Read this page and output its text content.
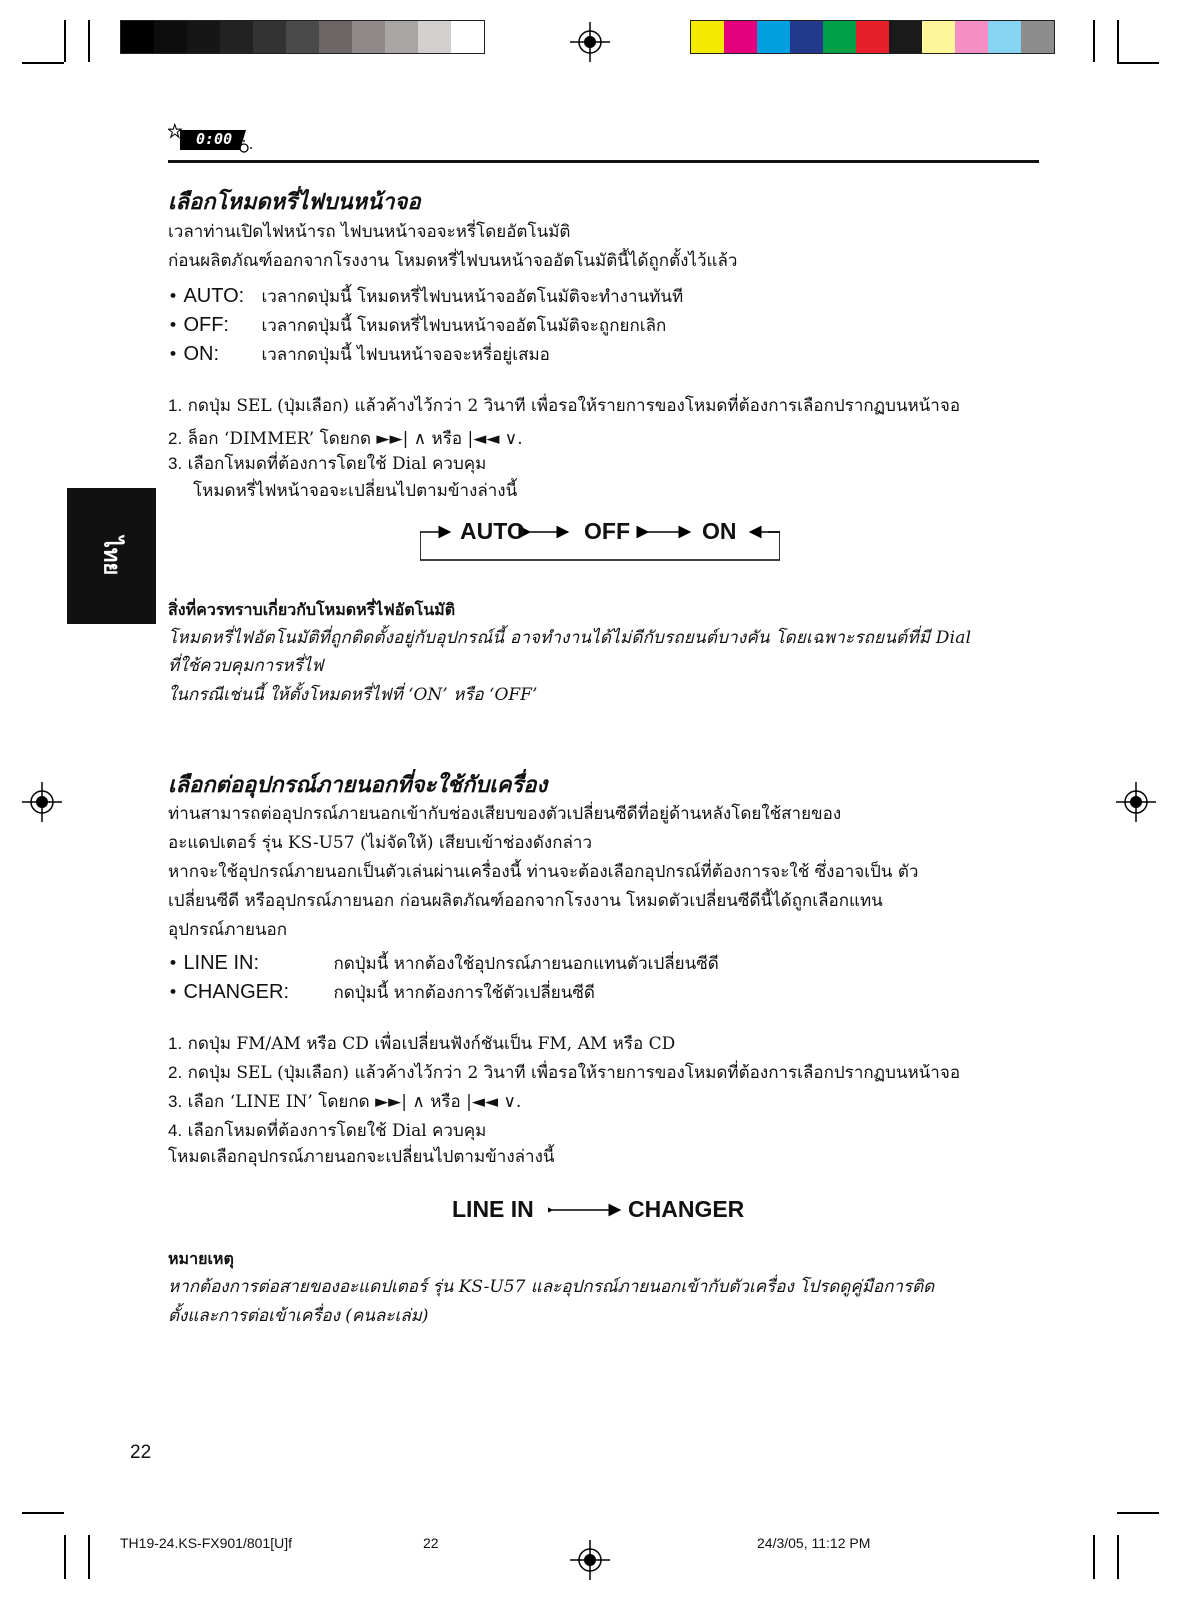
0:00
ไทย
เลือกโหมดหรี่ไฟบนหน้าจอ
เวลาท่านเปิดไฟหน้ารถ ไฟบนหน้าจอจะหรี่โดยอัตโนมัติ
ก่อนผลิตภัณฑ์ออกจากโรงงาน โหมดหรี่ไฟบนหน้าจออัตโนมัตินี้ได้ถูกตั้งไว้แล้ว
• AUTO: เวลากดปุ่มนี้ โหมดหรี่ไฟบนหน้าจออัตโนมัติจะทำงานทันที
• OFF: เวลากดปุ่มนี้ โหมดหรี่ไฟบนหน้าจออัตโนมัติจะถูกยกเลิก
• ON: เวลากดปุ่มนี้ ไฟบนหน้าจอจะหรี่อยู่เสมอ
1. กดปุ่ม SEL (ปุ่มเลือก) แล้วค้างไว้กว่า 2 วินาที เพื่อรอให้รายการของโหมดที่ต้องการเลือกปรากฏบนหน้าจอ
2. ล็อก ‘DIMMER’ โดยกด ►►| ∧ หรือ |◄◄ ∨.
3. เลือกโหมดที่ต้องการโดยใช้ Dial ควบคุม
โหมดหรี่ไฟหน้าจอจะเปลี่ยนไปตามข้างล่างนี้
AUTO	OFF	ON
สิ่งที่ควรทราบเกี่ยวกับโหมดหรี่ไฟอัตโนมัติ
โหมดหรี่ไฟอัตโนมัติที่ถูกติดตั้งอยู่กับอุปกรณ์นี้ อาจทำงานได้ไม่ดีกับรถยนต์บางคัน โดยเฉพาะรถยนต์ที่มี Dial
ที่ใช้ควบคุมการหรี่ไฟ
ในกรณีเช่นนี้ ให้ตั้งโหมดหรี่ไฟที่ ‘ON’ หรือ ‘OFF’
เลือกต่ออุปกรณ์ภายนอกที่จะใช้กับเครื่อง
ท่านสามารถต่ออุปกรณ์ภายนอกเข้ากับช่องเสียบของตัวเปลี่ยนซีดีที่อยู่ด้านหลังโดยใช้สายของ
อะแดปเตอร์ รุ่น KS-U57 (ไม่จัดให้) เสียบเข้าช่องดังกล่าว
หากจะใช้อุปกรณ์ภายนอกเป็นตัวเล่นผ่านเครื่องนี้ ท่านจะต้องเลือกอุปกรณ์ที่ต้องการจะใช้ ซึ่งอาจเป็น ตัว
เปลี่ยนซีดี หรืออุปกรณ์ภายนอก ก่อนผลิตภัณฑ์ออกจากโรงงาน โหมดตัวเปลี่ยนซีดีนี้ได้ถูกเลือกแทน
อุปกรณ์ภายนอก
• LINE IN:	กดปุ่มนี้ หากต้องใช้อุปกรณ์ภายนอกแทนตัวเปลี่ยนซีดี
• CHANGER:	กดปุ่มนี้ หากต้องการใช้ตัวเปลี่ยนซีดี
1. กดปุ่ม FM/AM หรือ CD เพื่อเปลี่ยนฟังก์ชันเป็น FM, AM หรือ CD
2. กดปุ่ม SEL (ปุ่มเลือก) แล้วค้างไว้กว่า 2 วินาที เพื่อรอให้รายการของโหมดที่ต้องการเลือกปรากฏบนหน้าจอ
3. เลือก ‘LINE IN’ โดยกด ►►| ∧ หรือ |◄◄ ∨.
4. เลือกโหมดที่ต้องการโดยใช้ Dial ควบคุม
โหมดเลือกอุปกรณ์ภายนอกจะเปลี่ยนไปตามข้างล่างนี้
LINE IN	CHANGER
หมายเหตุ
หากต้องการต่อสายของอะแดปเตอร์ รุ่น KS-U57 และอุปกรณ์ภายนอกเข้ากับตัวเครื่อง โปรดดูคู่มือการติด
ตั้งและการต่อเข้าเครื่อง (คนละเล่ม)
22
TH19-24.KS-FX901/801[U]f	22	24/3/05, 11:12 PM
